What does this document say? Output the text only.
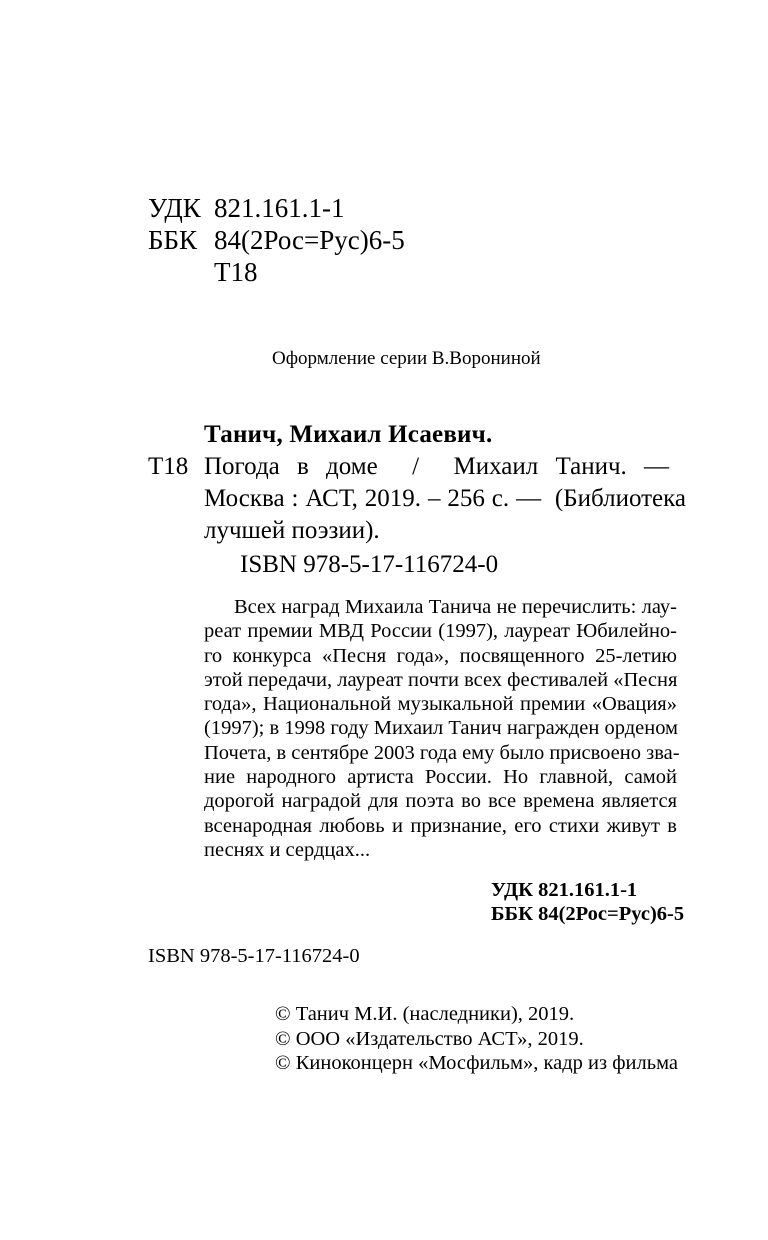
УДК 821.161.1-1
ББК 84(2Рос=Рус)6-5
Т18
Оформление серии В.Ворониной
Танич, Михаил Исаевич.
Т18 Погода в доме  /  Михаил Танич. —
Москва : АСТ, 2019. – 256 с. —  (Библиотека
лучшей поэзии).
ISBN 978-5-17-116724-0
Всех наград Михаила Танича не перечислить: лау-
реат премии МВД России (1997), лауреат Юбилейно-
го конкурса «Песня года», посвященного 25-летию
этой передачи, лауреат почти всех фестивалей «Песня
года», Национальной музыкальной премии «Овация»
(1997); в 1998 году Михаил Танич награжден орденом
Почета, в сентябре 2003 года ему было присвоено зва-
ние народного артиста России. Но главной, самой
дорогой наградой для поэта во все времена является
всенародная любовь и признание, его стихи живут в
песнях и сердцах...
УДК 821.161.1-1
ББК 84(2Рос=Рус)6-5
ISBN 978-5-17-116724-0
© Танич М.И. (наследники), 2019.
© ООО «Издательство АСТ», 2019.
© Киноконцерн «Мосфильм», кадр из фильма
